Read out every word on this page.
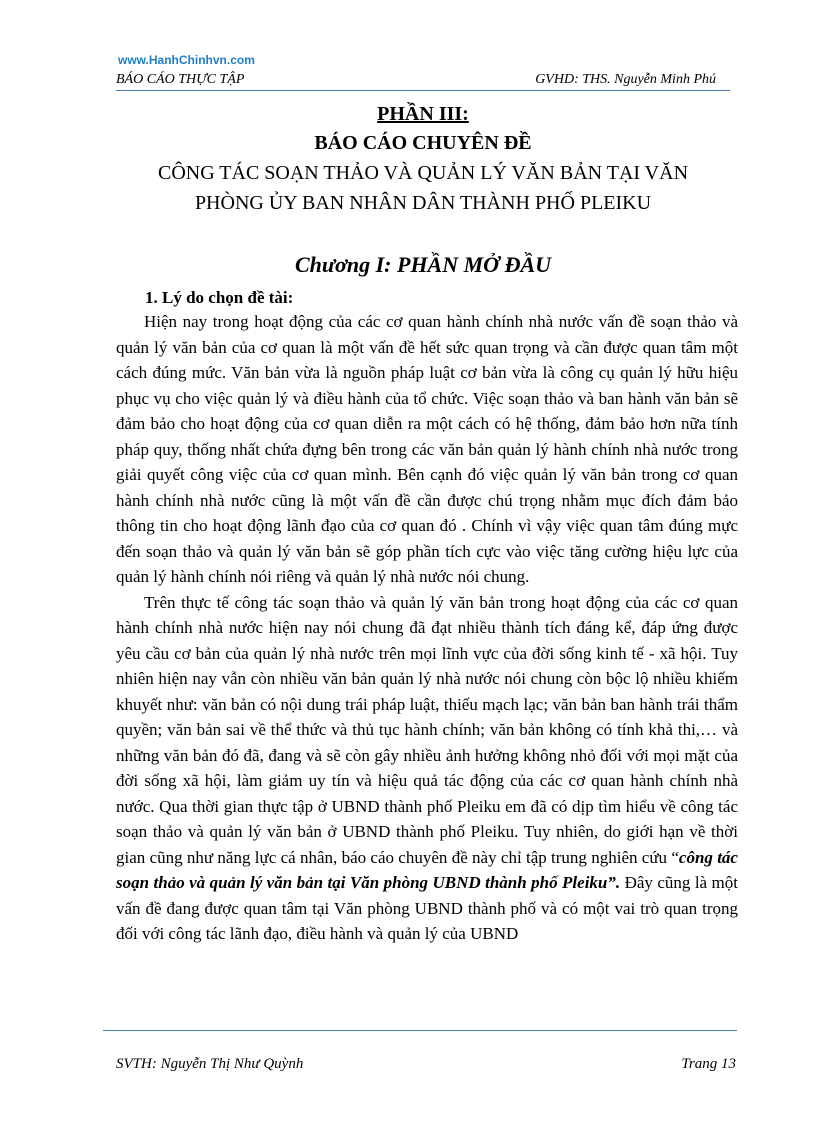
www.HanhChinhvn.com
BÁO CÁO THỰC TẬP	GVHD: THS. Nguyễn Minh Phú
PHẦN III:
BÁO CÁO CHUYÊN ĐỀ
CÔNG TÁC SOẠN THẢO VÀ QUẢN LÝ VĂN BẢN TẠI VĂN
PHÒNG ỦY BAN NHÂN DÂN THÀNH PHỐ PLEIKU
Chương I: PHẦN MỞ ĐẦU
1. Lý do chọn đề tài:

Hiện nay trong hoạt động của các cơ quan hành chính nhà nước vấn đề soạn thảo và quản lý văn bản của cơ quan là một vấn đề hết sức quan trọng và cần được quan tâm một cách đúng mức. Văn bản vừa là nguồn pháp luật cơ bản vừa là công cụ quản lý hữu hiệu phục vụ cho việc quản lý và điều hành của tổ chức. Việc soạn thảo và ban hành văn bản sẽ đảm bảo cho hoạt động của cơ quan diễn ra một cách có hệ thống, đảm bảo hơn nữa tính pháp quy, thống nhất chứa đựng bên trong các văn bản quản lý hành chính nhà nước trong giải quyết công việc của cơ quan mình. Bên cạnh đó việc quản lý văn bản trong cơ quan hành chính nhà nước cũng là một vấn đề cần được chú trọng nhằm mục đích đảm bảo thông tin cho hoạt động lãnh đạo của cơ quan đó . Chính vì vậy việc quan tâm đúng mực đến soạn thảo và quản lý văn bản sẽ góp phần tích cực vào việc tăng cường hiệu lực của quản lý hành chính nói riêng và quản lý nhà nước nói chung.

Trên thực tế công tác soạn thảo và quản lý văn bản trong hoạt động của các cơ quan hành chính nhà nước hiện nay nói chung đã đạt nhiều thành tích đáng kể, đáp ứng được yêu cầu cơ bản của quản lý nhà nước trên mọi lĩnh vực của đời sống kinh tế - xã hội. Tuy nhiên hiện nay vẫn còn nhiều văn bản quản lý nhà nước nói chung còn bộc lộ nhiều khiếm khuyết như: văn bản có nội dung trái pháp luật, thiếu mạch lạc; văn bản ban hành trái thẩm quyền; văn bản sai về thể thức và thủ tục hành chính; văn bản không có tính khả thi,… và những văn bản đó đã, đang và sẽ còn gây nhiều ảnh hưởng không nhỏ đối với mọi mặt của đời sống xã hội, làm giảm uy tín và hiệu quả tác động của các cơ quan hành chính nhà nước. Qua thời gian thực tập ở UBND thành phố Pleiku em đã có dịp tìm hiểu về công tác soạn thảo và quản lý văn bản ở UBND thành phố Pleiku. Tuy nhiên, do giới hạn về thời gian cũng như năng lực cá nhân, báo cáo chuyên đề này chỉ tập trung nghiên cứu “công tác soạn thảo và quản lý văn bản tại Văn phòng UBND thành phố Pleiku”. Đây cũng là một vấn đề đang được quan tâm tại Văn phòng UBND thành phố và có một vai trò quan trọng đối với công tác lãnh đạo, điều hành và quản lý của UBND

SVTH: Nguyễn Thị Như Quỳnh	Trang 13
